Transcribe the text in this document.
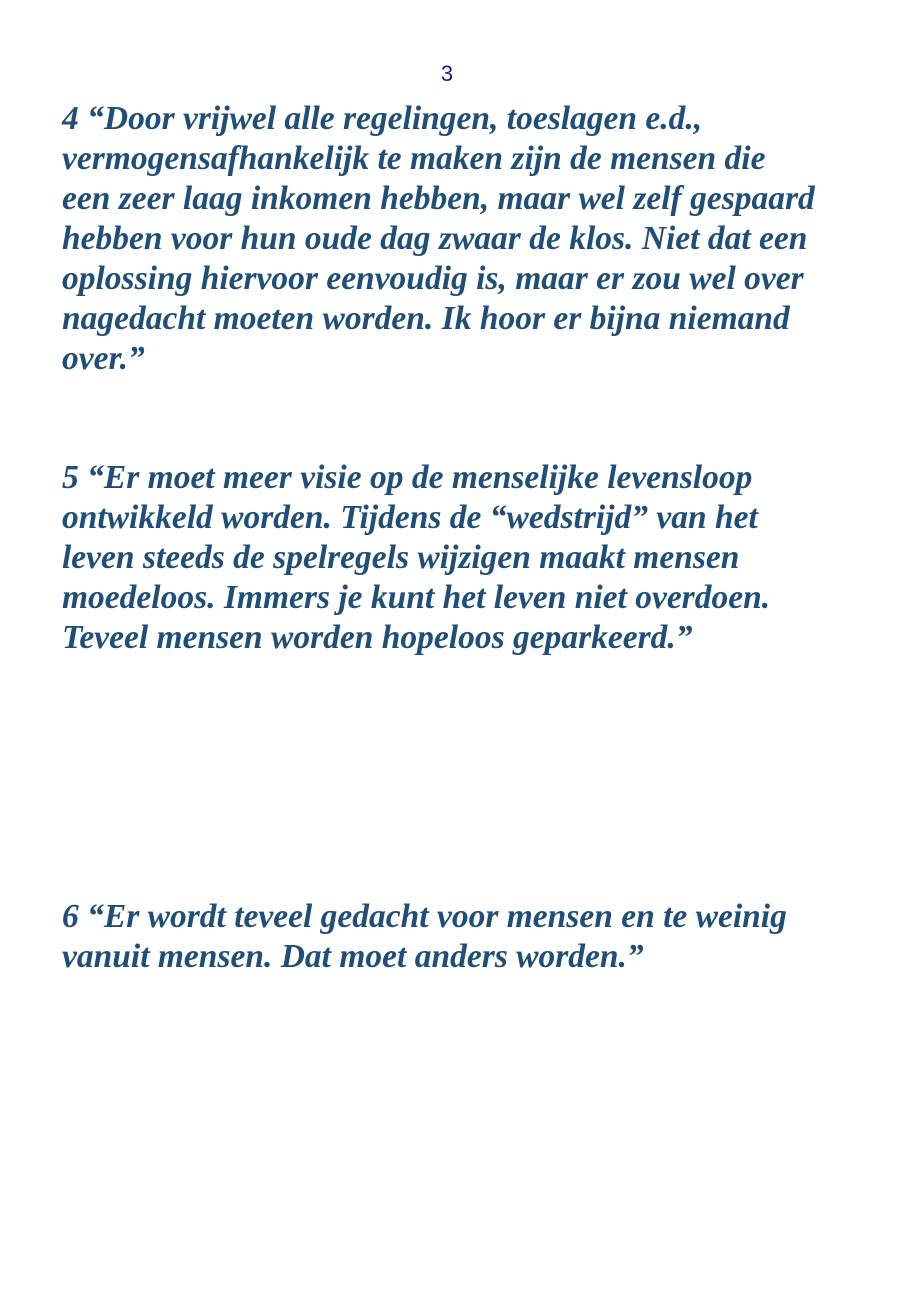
3

4 “Door vrijwel alle regelingen, toeslagen e.d.,
vermogensafhankelijk te maken zijn de mensen die
een zeer laag inkomen hebben, maar wel zelf gespaard
hebben voor hun oude dag zwaar de klos. Niet dat een
oplossing hiervoor eenvoudig is, maar er zou wel over
nagedacht moeten worden. Ik hoor er bijna niemand
over.”

5 “Er moet meer visie op de menselijke levensloop
ontwikkeld worden. Tijdens de “wedstrijd” van het
leven steeds de spelregels wijzigen maakt mensen
moedeloos. Immers je kunt het leven niet overdoen.
Teveel mensen worden hopeloos geparkeerd.”

6 “Er wordt teveel gedacht voor mensen en te weinig
vanuit mensen. Dat moet anders worden.”
